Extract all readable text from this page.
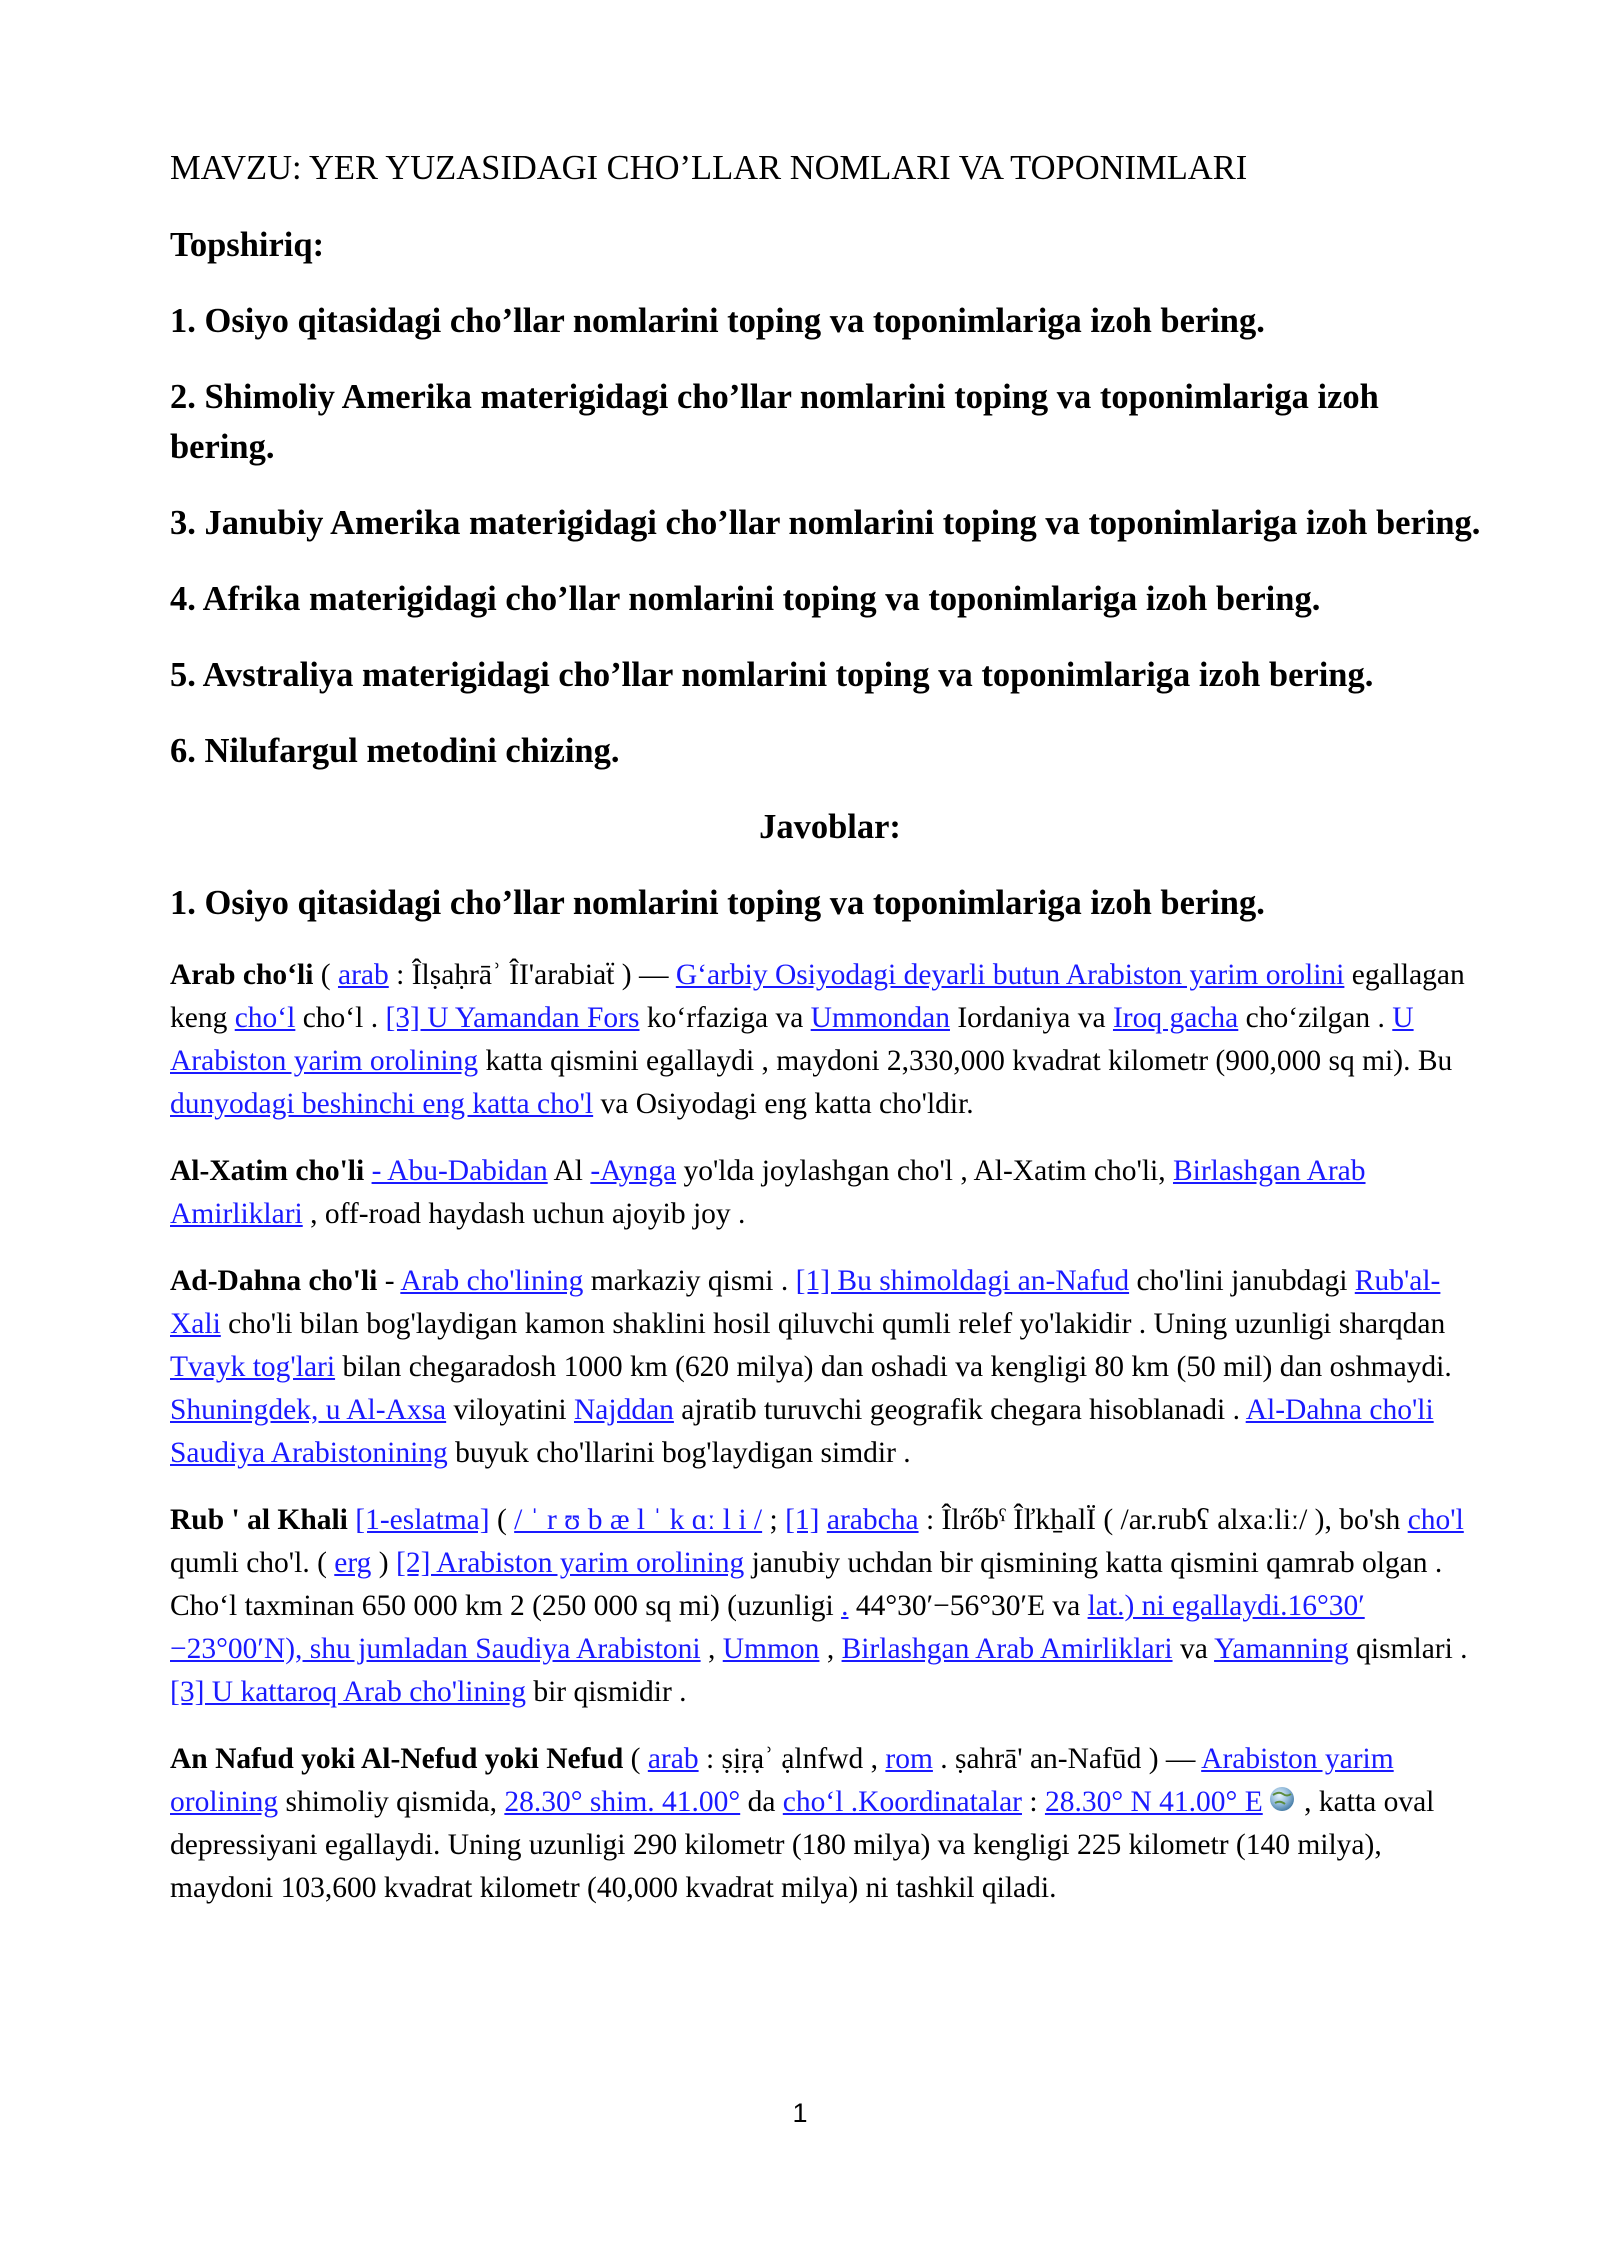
MAVZU: YER YUZASIDAGI CHO’LLAR NOMLARI VA TOPONIMLARI

Topshiriq:

1. Osiyo qitasidagi cho’llar nomlarini toping va toponimlariga izoh bering.

2. Shimoliy Amerika materigidagi cho’llar nomlarini toping va toponimlariga izoh bering.

3. Janubiy Amerika materigidagi cho’llar nomlarini toping va toponimlariga izoh bering.

4. Afrika materigidagi cho’llar nomlarini toping va toponimlariga izoh bering.

5. Avstraliya materigidagi cho’llar nomlarini toping va toponimlariga izoh bering.

6. Nilufargul metodini chizing.

Javoblar:

1. Osiyo qitasidagi cho’llar nomlarini toping va toponimlariga izoh bering.

Arab cho‘li ( arab : Îlṣaḥrāʾ ÎI'arabiaẗ ) — G‘arbiy Osiyodagi deyarli butun Arabiston yarim orolini egallagan keng cho‘l cho‘l . [3] U Yamandan Fors ko‘rfaziga va Ummondan Iordaniya va Iroq gacha cho‘zilgan . U Arabiston yarim orolining katta qismini egallaydi , maydoni 2,330,000 kvadrat kilometr (900,000 sq mi). Bu dunyodagi beshinchi eng katta cho'l va Osiyodagi eng katta cho'ldir.

Al-Xatim cho'li - Abu-Dabidan Al -Aynga yo'lda joylashgan cho'l , Al-Xatim cho'li, Birlashgan Arab Amirliklari , off-road haydash uchun ajoyib joy .

Ad-Dahna cho'li - Arab cho'lining markaziy qismi . [1] Bu shimoldagi an-Nafud cho'lini janubdagi Rub'al-Xali cho'li bilan bog'laydigan kamon shaklini hosil qiluvchi qumli relef yo'lakidir . Uning uzunligi sharqdan Tvayk tog'lari bilan chegaradosh 1000 km (620 milya) dan oshadi va kengligi 80 km (50 mil) dan oshmaydi. Shuningdek, u Al-Axsa viloyatini Najddan ajratib turuvchi geografik chegara hisoblanadi . Al-Dahna cho'li Saudiya Arabistonining buyuk cho'llarini bog'laydigan simdir .

Rub ' al Khali [1-eslatma] ( / ˈ r ʊ b æ l ˈ k ɑː l i / ; [1] arabcha : Îlrőbˁ ÎľkẖalÏ ( /ar.rubʕ alxaːliː/ ), bo'sh cho'l qumli cho'l. ( erg ) [2] Arabiston yarim orolining janubiy uchdan bir qismining katta qismini qamrab olgan . Cho‘l taxminan 650 000 km 2 (250 000 sq mi) (uzunligi . 44°30′−56°30′E va lat.) ni egallaydi.16°30′−23°00′N), shu jumladan Saudiya Arabistoni , Ummon , Birlashgan Arab Amirliklari va Yamanning qismlari . [3] U kattaroq Arab cho'lining bir qismidir .

An Nafud yoki Al-Nefud yoki Nefud ( arab : ṣịṛạʾ ạlnfwd , rom . ṣahrā' an-Nafūd ) — Arabiston yarim orolining shimoliy qismida, 28.30° shim. 41.00° da cho‘l .Koordinatalar : 28.30° N 41.00° E , katta oval depressiyani egallaydi. Uning uzunligi 290 kilometr (180 milya) va kengligi 225 kilometr (140 milya), maydoni 103,600 kvadrat kilometr (40,000 kvadrat milya) ni tashkil qiladi.

1
